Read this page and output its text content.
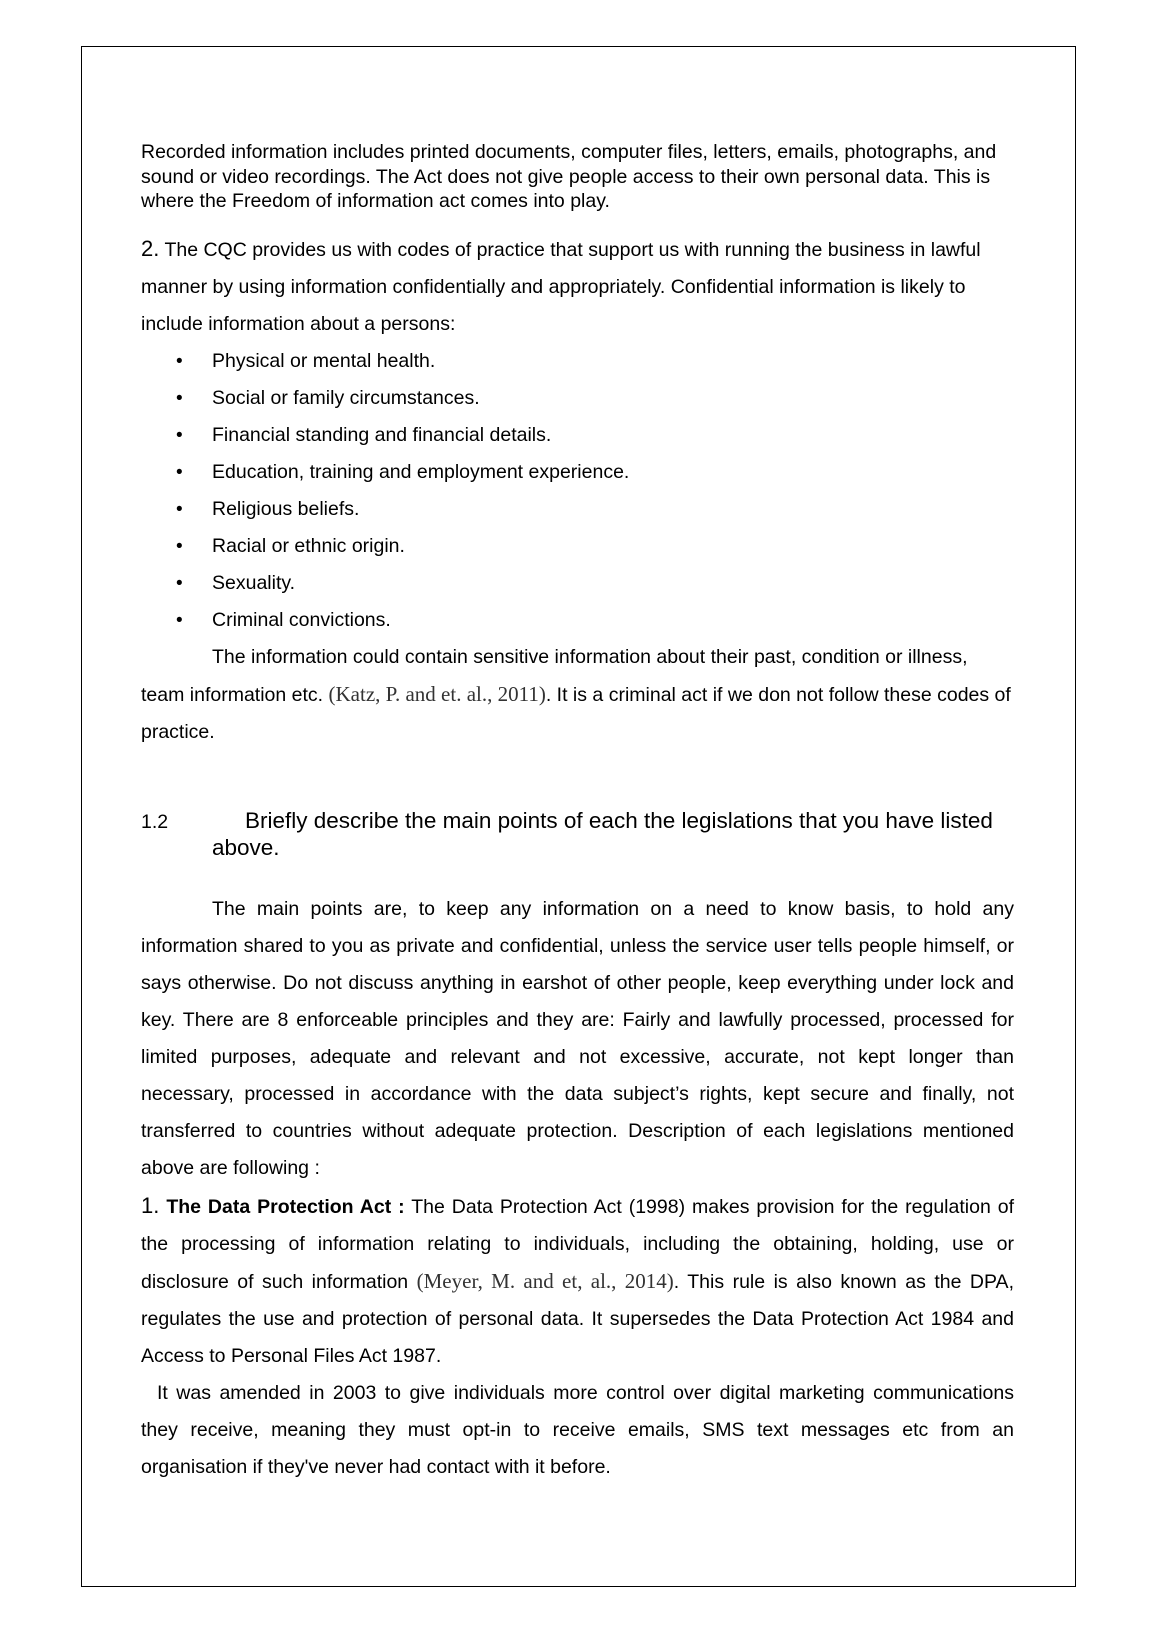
Recorded information includes printed documents, computer files, letters, emails, photographs, and sound or video recordings. The Act does not give people access to their own personal data. This is where the Freedom of information act comes into play.

2. The CQC provides us with codes of practice that support us with running the business in lawful manner by using information confidentially and appropriately. Confidential information is likely to include information about a persons:

• Physical or mental health.
• Social or family circumstances.
• Financial standing and financial details.
• Education, training and employment experience.
• Religious beliefs.
• Racial or ethnic origin.
• Sexuality.
• Criminal convictions.

The information could contain sensitive information about their past, condition or illness, team information etc. (Katz, P. and et. al., 2011). It is a criminal act if we don not follow these codes of practice.

1.2	Briefly describe the main points of each the legislations that you have listed above.

The main points are, to keep any information on a need to know basis, to hold any information shared to you as private and confidential, unless the service user tells people himself, or says otherwise. Do not discuss anything in earshot of other people, keep everything under lock and key. There are 8 enforceable principles and they are: Fairly and lawfully processed, processed for limited purposes, adequate and relevant and not excessive, accurate, not kept longer than necessary, processed in accordance with the data subject’s rights, kept secure and finally, not transferred to countries without adequate protection. Description of each legislations mentioned above are following :

1. The Data Protection Act : The Data Protection Act (1998) makes provision for the regulation of the processing of information relating to individuals, including the obtaining, holding, use or disclosure of such information (Meyer, M. and et, al., 2014). This rule is also known as the DPA, regulates the use and protection of personal data. It supersedes the Data Protection Act 1984 and Access to Personal Files Act 1987.

It was amended in 2003 to give individuals more control over digital marketing communications they receive, meaning they must opt-in to receive emails, SMS text messages etc from an organisation if they've never had contact with it before.
